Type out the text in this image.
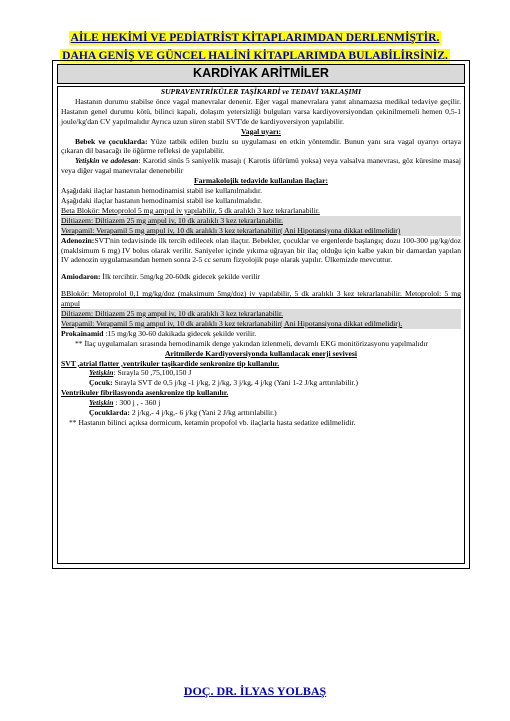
AİLE HEKİMİ VE PEDİATRİST KİTAPLARIMDAN DERLENMİŞTİR.
DAHA GENİŞ VE GÜNCEL HALİNİ KİTAPLARIMDA BULABİLİRSİNİZ.
KARDİYAK ARİTMİLER

SUPRAVENTRİKÜLER TAŞİKARDİ ve TEDAVİ YAKLAŞIMI

Hastanın durumu stabilse önce vagal manevralar denenir. Eğer vagal manevralara yanıt alınamazsa medikal tedaviye geçilir. Hastanın genel durumu kötü, bilinci kapalı, dolaşım yetersizliği bulguları varsa kardiyoversiyondan çekinilmemeli hemen 0,5-1 joule/kg'dan CV yapılmalıdır Ayrıca uzun süren stabil SVT'de de kardiyoversiyon yapılabilir.

Vagal uyarı:

Bebek ve çocuklarda: Yüze tatbik edilen buzlu su uygulaması en etkin yöntemdir. Bunun yanı sıra vagal uyarıyı ortaya çıkaran dil basacağı ile öğürme refleksi de yapılabilir.

Yetişkin ve adolesan: Karotid sinüs 5 saniyelik masajı ( Karotis üfürümü yoksa) veya valsalva manevrası, göz küresine masaj veya diğer vagal manevralar denenebilir

Farmakolojik tedavide kullanılan ilaçlar:

Aşağıdaki ilaçlar hastanın hemodinamisi stabil ise kullanılmalıdır.

Aşağıdaki ilaçlar hastanın hemodinamisi stabil ise kullanılmalıdır.

Beta Blokör: Metoprolol 5 mg ampul iv yapılabilir, 5 dk aralıklı 3 kez tekrarlanabilir.

Diltiazem: Diltiazem 25 mg ampul iv, 10 dk aralıklı 3 kez tekrarlanabilir.

Verapamil: Verapamil 5 mg ampul iv, 10 dk aralıklı 3 kez tekrarlanabilir( Ani Hipotansiyona dikkat edilmelidir)

Adenozin:SVT'nin tedavisinde ilk tercih edilecek olan ilaçtır. Bebekler, çocuklar ve ergenlerde başlangıç dozu 100-300 µg/kg/doz (maklsimum 6 mg) IV bolus olarak verilir. Saniyeler içinde yıkıma uğrayan bir ilaç olduğu için kalbe yakın bir damardan yapılan IV adenozin uygulamasından hemen sonra 2-5 cc serum fizyolojik puşe olarak yapılır. Ülkemizde mevcuttur.

Amiodaron: İlk tercihtir. 5mg/kg 20-60dk gidecek şekilde verilir

BBlokör: Metoprolol 0,1 mg/kg/doz (maksimum 5mg/doz) iv yapılabilir, 5 dk aralıklı 3 kez tekrarlanabilir. Metoprolol: 5 mg ampul

Diltiazem: Diltiazem 25 mg ampul iv, 10 dk aralıklı 3 kez tekrarlanabilir.

Verapamil: Verapamil 5 mg ampul iv, 10 dk aralıklı 3 kez tekrarlanabilir( Ani Hipotansiyona dikkat edilmelidir).

Prokainamid :15 mg/kg 30-60 dakikada gidecek şekilde verilir.

** İlaç uygulamaları sırasında hemodinamik denge yakından izlenmeli, devamlı EKG monitörizasyonu yapılmalıdır

Aritmilerde Kardiyoversiyonda kullanılacak enerji sevivesi

SVT ,atrial flatter ,ventrikuler taşikardide senkronize tip kullanılır.

Yetişkin: Sırayla 50 ,75,100,150 J

Çocuk: Sırayla SVT de 0,5 j/kg -1 j/kg, 2 j/kg, 3 j/kg, 4 j/kg (Yani 1-2 J/kg arttırılabilir.)

Ventrikuler fibrilasyonda asenkronize tip kullanılır.

Yetişkin : 300 j , - 360 j

Çocuklarda: 2 j/kg,- 4 j/kg,- 6 j/kg (Yani 2 J/kg arttırılabilir.)

** Hastanın bilinci açıksa dormicum, ketamin propofol vb. ilaçlarla hasta sedatize edilmelidir.

DOÇ. DR. İLYAS YOLBAŞ
